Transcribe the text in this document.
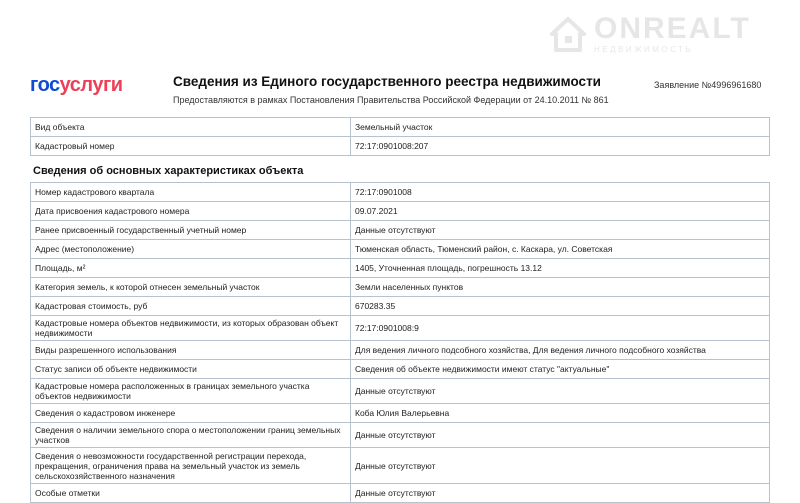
ONREALT
НЕДВИЖИМОСТЬ
госуслуги	Сведения из Единого государственного реестра недвижимости
Предоставляются в рамках Постановления Правительства Российской Федерации от 24.10.2011 № 861
Заявление №4996961680
Вид объекта	Земельный участок
Кадастровый номер	72:17:0901008:207
Сведения об основных характеристиках объекта
Номер кадастрового квартала	72:17:0901008
Дата присвоения кадастрового номера	09.07.2021
Ранее присвоенный государственный учетный номер	Данные отсутствуют
Адрес (местоположение)	Тюменская область, Тюменский район, с. Каскара, ул. Советская
Площадь, м²	1405, Уточненная площадь, погрешность 13.12
Категория земель, к которой отнесен земельный участок	Земли населенных пунктов
Кадастровая стоимость, руб	670283.35
Кадастровые номера объектов недвижимости, из которых образован объект недвижимости	72:17:0901008:9
Виды разрешенного использования	Для ведения личного подсобного хозяйства, Для ведения личного подсобного хозяйства
Статус записи об объекте недвижимости	Сведения об объекте недвижимости имеют статус "актуальные"
Кадастровые номера расположенных в границах земельного участка объектов недвижимости	Данные отсутствуют
Сведения о кадастровом инженере	Коба Юлия Валерьевна
Сведения о наличии земельного спора о местоположении границ земельных участков	Данные отсутствуют
Сведения о невозможности государственной регистрации перехода, прекращения, ограничения права на земельный участок из земель сельскохозяйственного назначения	Данные отсутствуют
Особые отметки	Данные отсутствуют
